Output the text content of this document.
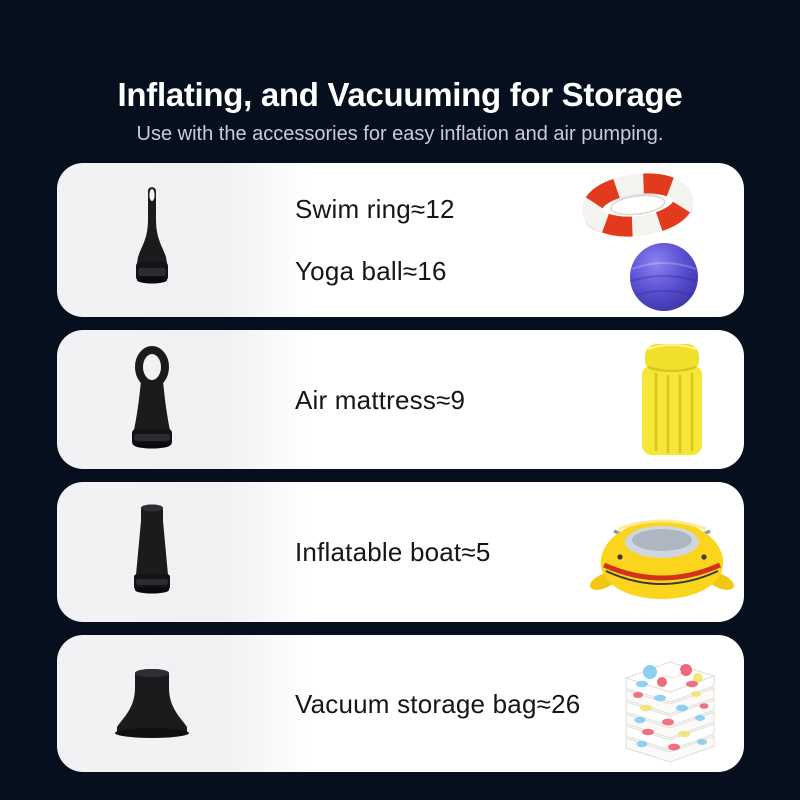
Inflating, and Vacuuming for Storage
Use with the accessories for easy inflation and air pumping.
Swim ring≈12
Yoga ball≈16
Air mattress≈9
Inflatable boat≈5
Vacuum storage bag≈26
